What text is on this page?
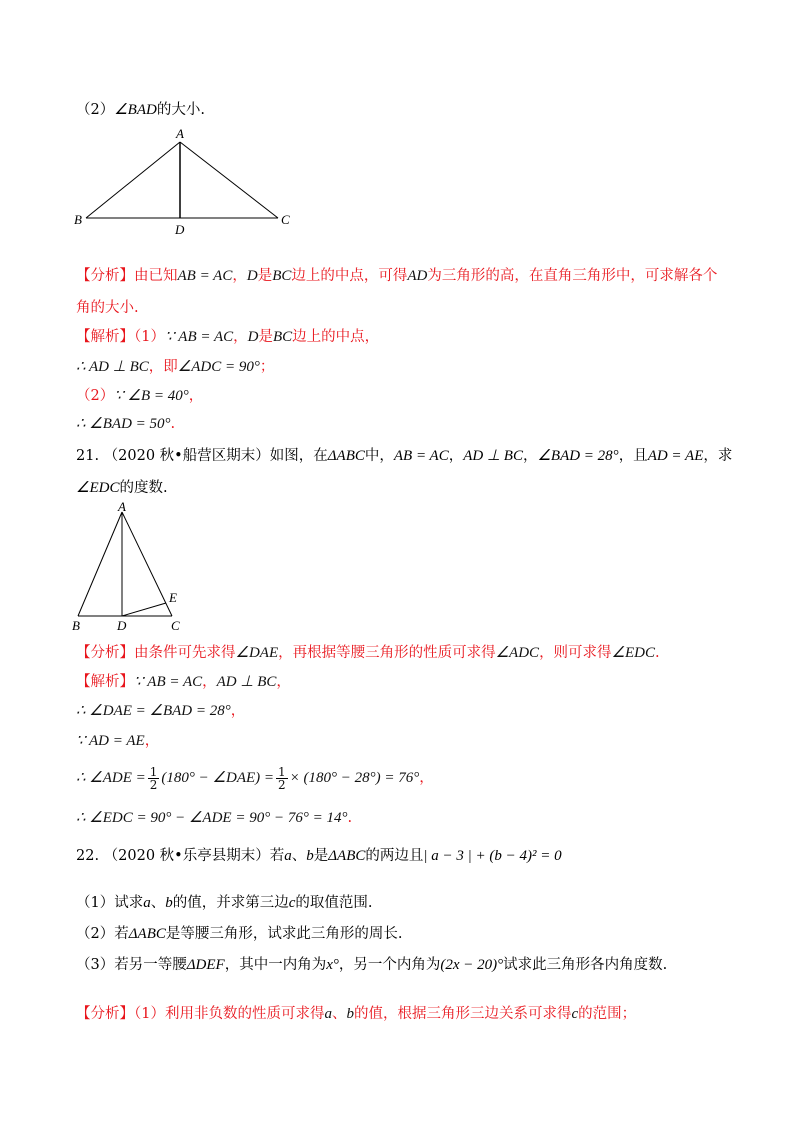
（2）∠BAD的大小.
A
B	C
D
【分析】由已知AB = AC，D是BC边上的中点，可得AD为三角形的高，在直角三角形中，可求解各个
角的大小.
【解析】（1）∵ AB = AC，D是BC边上的中点，
∴ AD ⊥ BC，即∠ADC = 90°；
（2）∵ ∠B = 40°，
∴ ∠BAD = 50°.
21. （2020 秋•船营区期末）如图，在ΔABC中，AB = AC，AD ⊥ BC，∠BAD = 28°，且AD = AE，求
∠EDC的度数.
A
B	C
D
E
【分析】由条件可先求得∠DAE，再根据等腰三角形的性质可求得∠ADC，则可求得∠EDC.
【解析】∵ AB = AC，AD ⊥ BC，
∴ ∠DAE = ∠BAD = 28°，
∵ AD = AE，
∴ ∠ADE = $\frac{1}{2} (180^\circ$ − ∠DAE) = $\frac{1}{2} \times (180^\circ - 28^\circ) = 76^\circ$，
∴ ∠EDC = 90° − ∠ADE = 90° − 76° = 14°.
22. （2020 秋•乐亭县期末）若a、b是ΔABC的两边且| a − 3 | + (b − 4)² = 0
（1）试求a、b的值，并求第三边c的取值范围.
（2）若ΔABC是等腰三角形，试求此三角形的周长.
（3）若另一等腰ΔDEF，其中一内角为x°，另一个内角为(2x − 20)°试求此三角形各内角度数.
【分析】（1）利用非负数的性质可求得a、b的值，根据三角形三边关系可求得c的范围；
